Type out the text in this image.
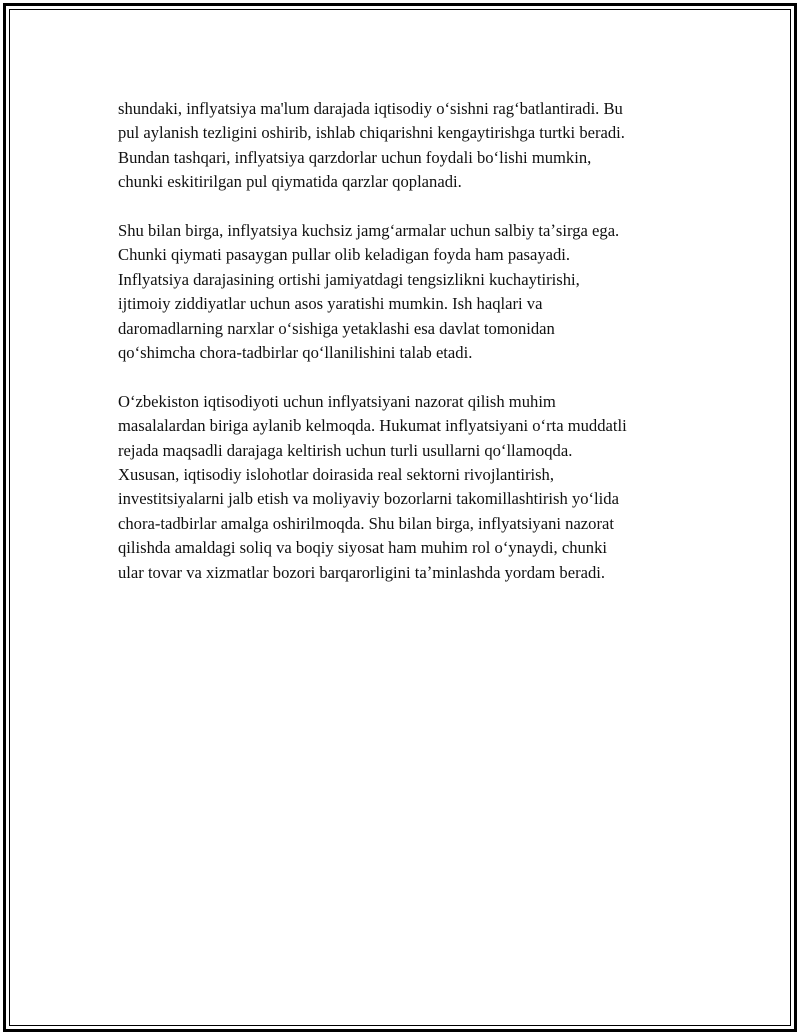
shundaki, inflyatsiya ma'lum darajada iqtisodiy oʻsishni ragʻbatlantiradi. Bu
pul aylanish tezligini oshirib, ishlab chiqarishni kengaytirishga turtki beradi.
Bundan tashqari, inflyatsiya qarzdorlar uchun foydali boʻlishi mumkin,
chunki eskitirilgan pul qiymatida qarzlar qoplanadi.

Shu bilan birga, inflyatsiya kuchsiz jamgʻarmalar uchun salbiy taʼsirga ega.
Chunki qiymati pasaygan pullar olib keladigan foyda ham pasayadi.
Inflyatsiya darajasining ortishi jamiyatdagi tengsizlikni kuchaytirishi,
ijtimoiy ziddiyatlar uchun asos yaratishi mumkin. Ish haqlari va
daromadlarning narxlar oʻsishiga yetaklashi esa davlat tomonidan
qoʻshimcha chora-tadbirlar qoʻllanilishini talab etadi.

Oʻzbekiston iqtisodiyoti uchun inflyatsiyani nazorat qilish muhim
masalalardan biriga aylanib kelmoqda. Hukumat inflyatsiyani oʻrta muddatli
rejada maqsadli darajaga keltirish uchun turli usullarni qoʻllamoqda.
Xususan, iqtisodiy islohotlar doirasida real sektorni rivojlantirish,
investitsiyalarni jalb etish va moliyaviy bozorlarni takomillashtirish yoʻlida
chora-tadbirlar amalga oshirilmoqda. Shu bilan birga, inflyatsiyani nazorat
qilishda amaldagi soliq va boqiy siyosat ham muhim rol oʻynaydi, chunki
ular tovar va xizmatlar bozori barqarorligini taʼminlashda yordam beradi.
